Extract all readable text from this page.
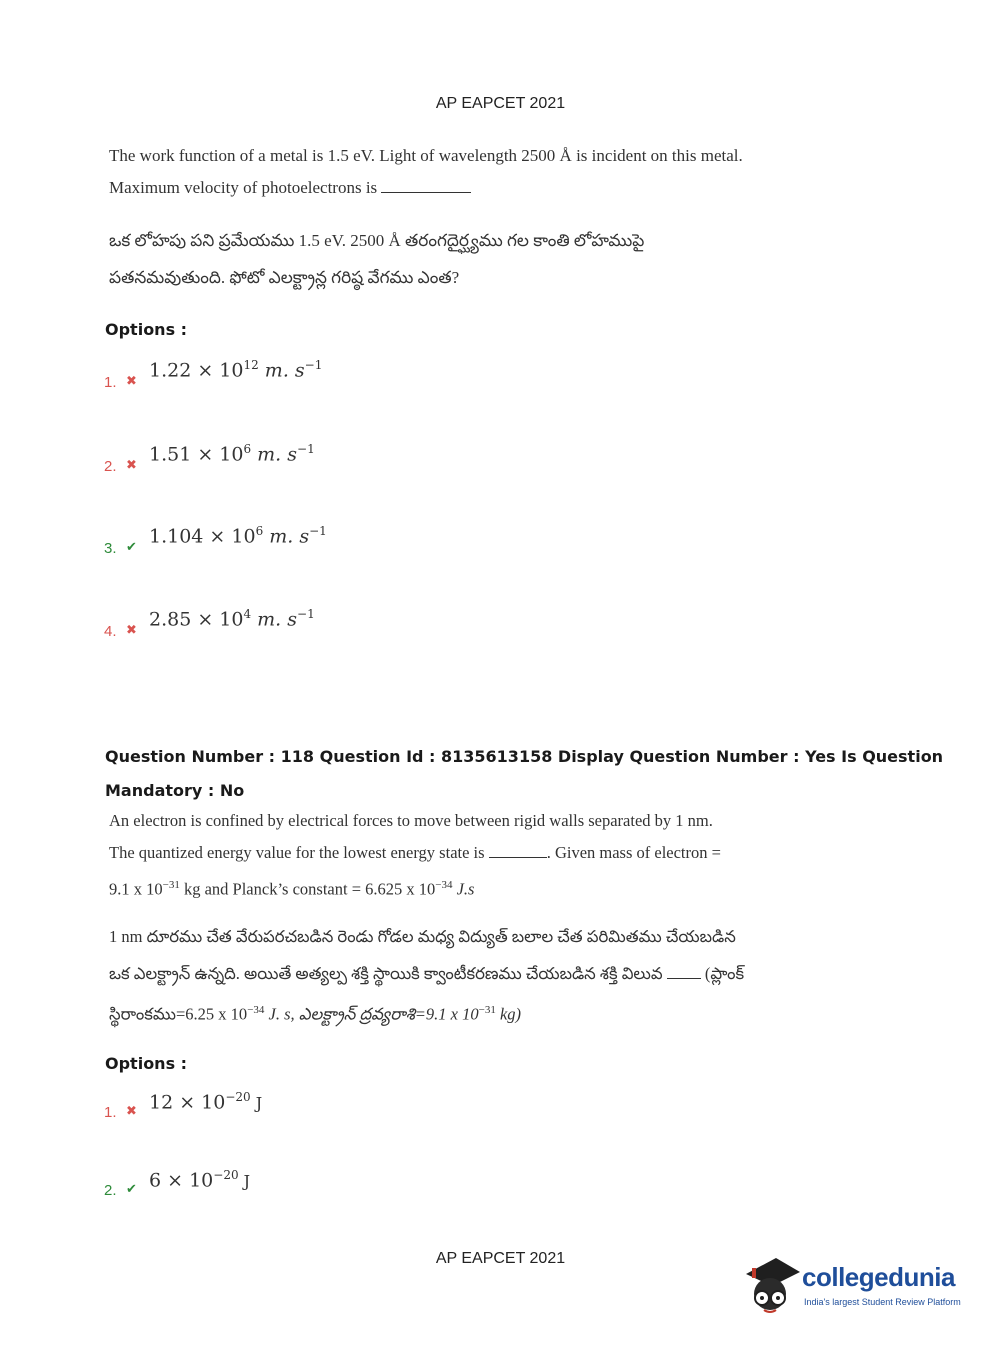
AP EAPCET 2021
The work function of a metal is 1.5 eV. Light of wavelength 2500 Å is incident on this metal.
Maximum velocity of photoelectrons is
ఒక లోహపు పని ప్రమేయము 1.5 eV. 2500 Å తరంగదైర్ఘ్యము గల కాంతి లోహముపై
పతనమవుతుంది. ఫోటో ఎలక్ట్రాన్ల గరిష్ఠ వేగము ఎంత?
Options :
1. ✖ $1.22 \times 10^{12}$ m. $s^{-1}$
2. ✖ $1.51 \times 10^6$ m. $s^{-1}$
3. ✔ $1.104 \times 10^6$ m. $s^{-1}$
4. ✖ $2.85 \times 10^4$ m. $s^{-1}$
Question Number : 118 Question Id : 8135613158 Display Question Number : Yes Is Question
Mandatory : No
An electron is confined by electrical forces to move between rigid walls separated by 1 nm.
The quantized energy value for the lowest energy state is	. Given mass of electron =
9.1 x $10^{-31}$ kg and Planck’s constant = 6.625 x $10^{-34}$ J.s
1 nm దూరము చేత వేరుపరచబడిన రెండు గోడల మధ్య విద్యుత్ బలాల చేత పరిమితము చేయబడిన
ఒక ఎలక్ట్రాన్ ఉన్నది. అయితే అత్యల్ప శక్తి స్థాయికి క్వాంటీకరణము చేయబడిన శక్తి విలువ  (ప్లాంక్
స్థిరాంకము=6.25 x $10^{-34}$ J. s, ఎలక్ట్రాన్ ద్రవ్యరాశి=9.1 x $10^{-31}$ kg)
Options :
1. ✖ $12 \times 10^{-20}$ J
2. ✔ $6 \times 10^{-20}$ J
AP EAPCET 2021
collegedunia
India's largest Student Review Platform
